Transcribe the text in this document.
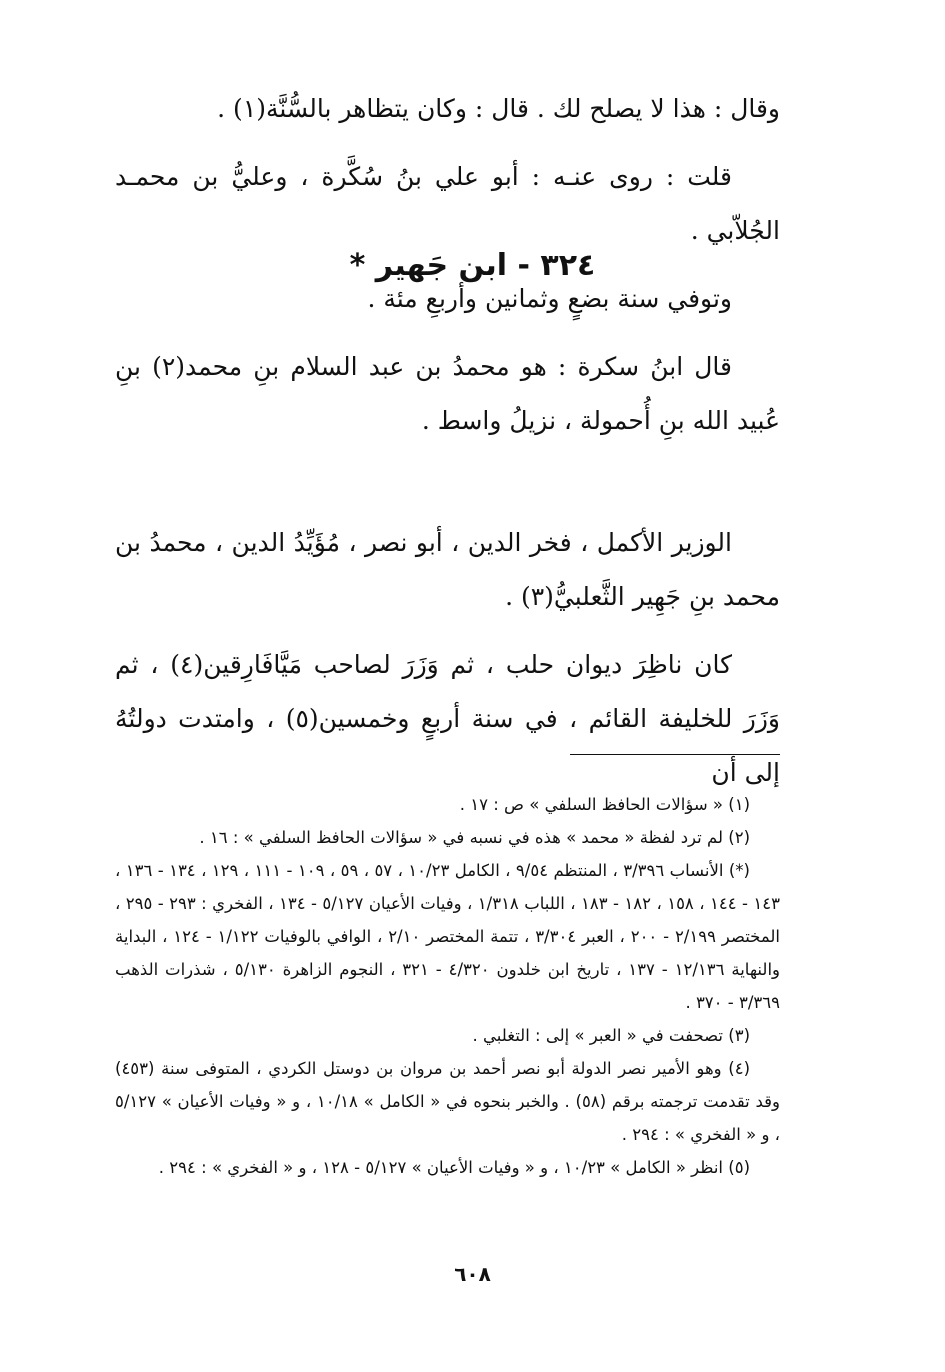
وقال : هذا لا يصلح لك . قال : وكان يتظاهر بالسُّنَّة(١) .

قلت : روى عنـه : أبو علي بنُ سُكَّرة ، وعليُّ بن محمـد الجُلاّبي .

وتوفي سنة بضعٍ وثمانين وأربعِ مئة .

قال ابنُ سكرة : هو محمدُ بن عبد السلام بنِ محمد(٢) بنِ عُبيد الله بنِ أُحمولة ، نزيلُ واسط .

٣٢٤ - ابن جَهير *

الوزير الأكمل ، فخر الدين ، أبو نصر ، مُؤَيِّدُ الدين ، محمدُ بن محمد بنِ جَهِير الثَّعلبيُّ(٣) .

كان ناظِرَ ديوان حلب ، ثم وَزَرَ لصاحب مَيَّافَارِقين(٤) ، ثم وَزَرَ للخليفة القائم ، في سنة أربعٍ وخمسين(٥) ، وامتدت دولتُهُ إلى أن

(١) « سؤالات الحافظ السلفي » ص : ١٧ .

(٢) لم ترد لفظة « محمد » هذه في نسبه في « سؤالات الحافظ السلفي » : ١٦ .

(*) الأنساب ٣/٣٩٦ ، المنتظم ٩/٥٤ ، الكامل ١٠/٢٣ ، ٥٧ ، ٥٩ ، ١٠٩ - ١١١ ، ١٢٩ ، ١٣٤ - ١٣٦ ، ١٤٣ - ١٤٤ ، ١٥٨ ، ١٨٢ - ١٨٣ ، اللباب ١/٣١٨ ، وفيات الأعيان ٥/١٢٧ - ١٣٤ ، الفخري : ٢٩٣ - ٢٩٥ ، المختصر ٢/١٩٩ - ٢٠٠ ، العبر ٣/٣٠٤ ، تتمة المختصر ٢/١٠ ، الوافي بالوفيات ١/١٢٢ - ١٢٤ ، البداية والنهاية ١٢/١٣٦ - ١٣٧ ، تاريخ ابن خلدون ٤/٣٢٠ - ٣٢١ ، النجوم الزاهرة ٥/١٣٠ ، شذرات الذهب ٣/٣٦٩ - ٣٧٠ .

(٣) تصحفت في « العبر » إلى : التغلبي .

(٤) وهو الأمير نصر الدولة أبو نصر أحمد بن مروان بن دوستل الكردي ، المتوفى سنة (٤٥٣) وقد تقدمت ترجمته برقم (٥٨) . والخبر بنحوه في « الكامل » ١٠/١٨ ، و « وفيات الأعيان » ٥/١٢٧ ، و « الفخري » : ٢٩٤ .

(٥) انظر « الكامل » ١٠/٢٣ ، و « وفيات الأعيان » ٥/١٢٧ - ١٢٨ ، و « الفخري » : ٢٩٤ .

٦٠٨
